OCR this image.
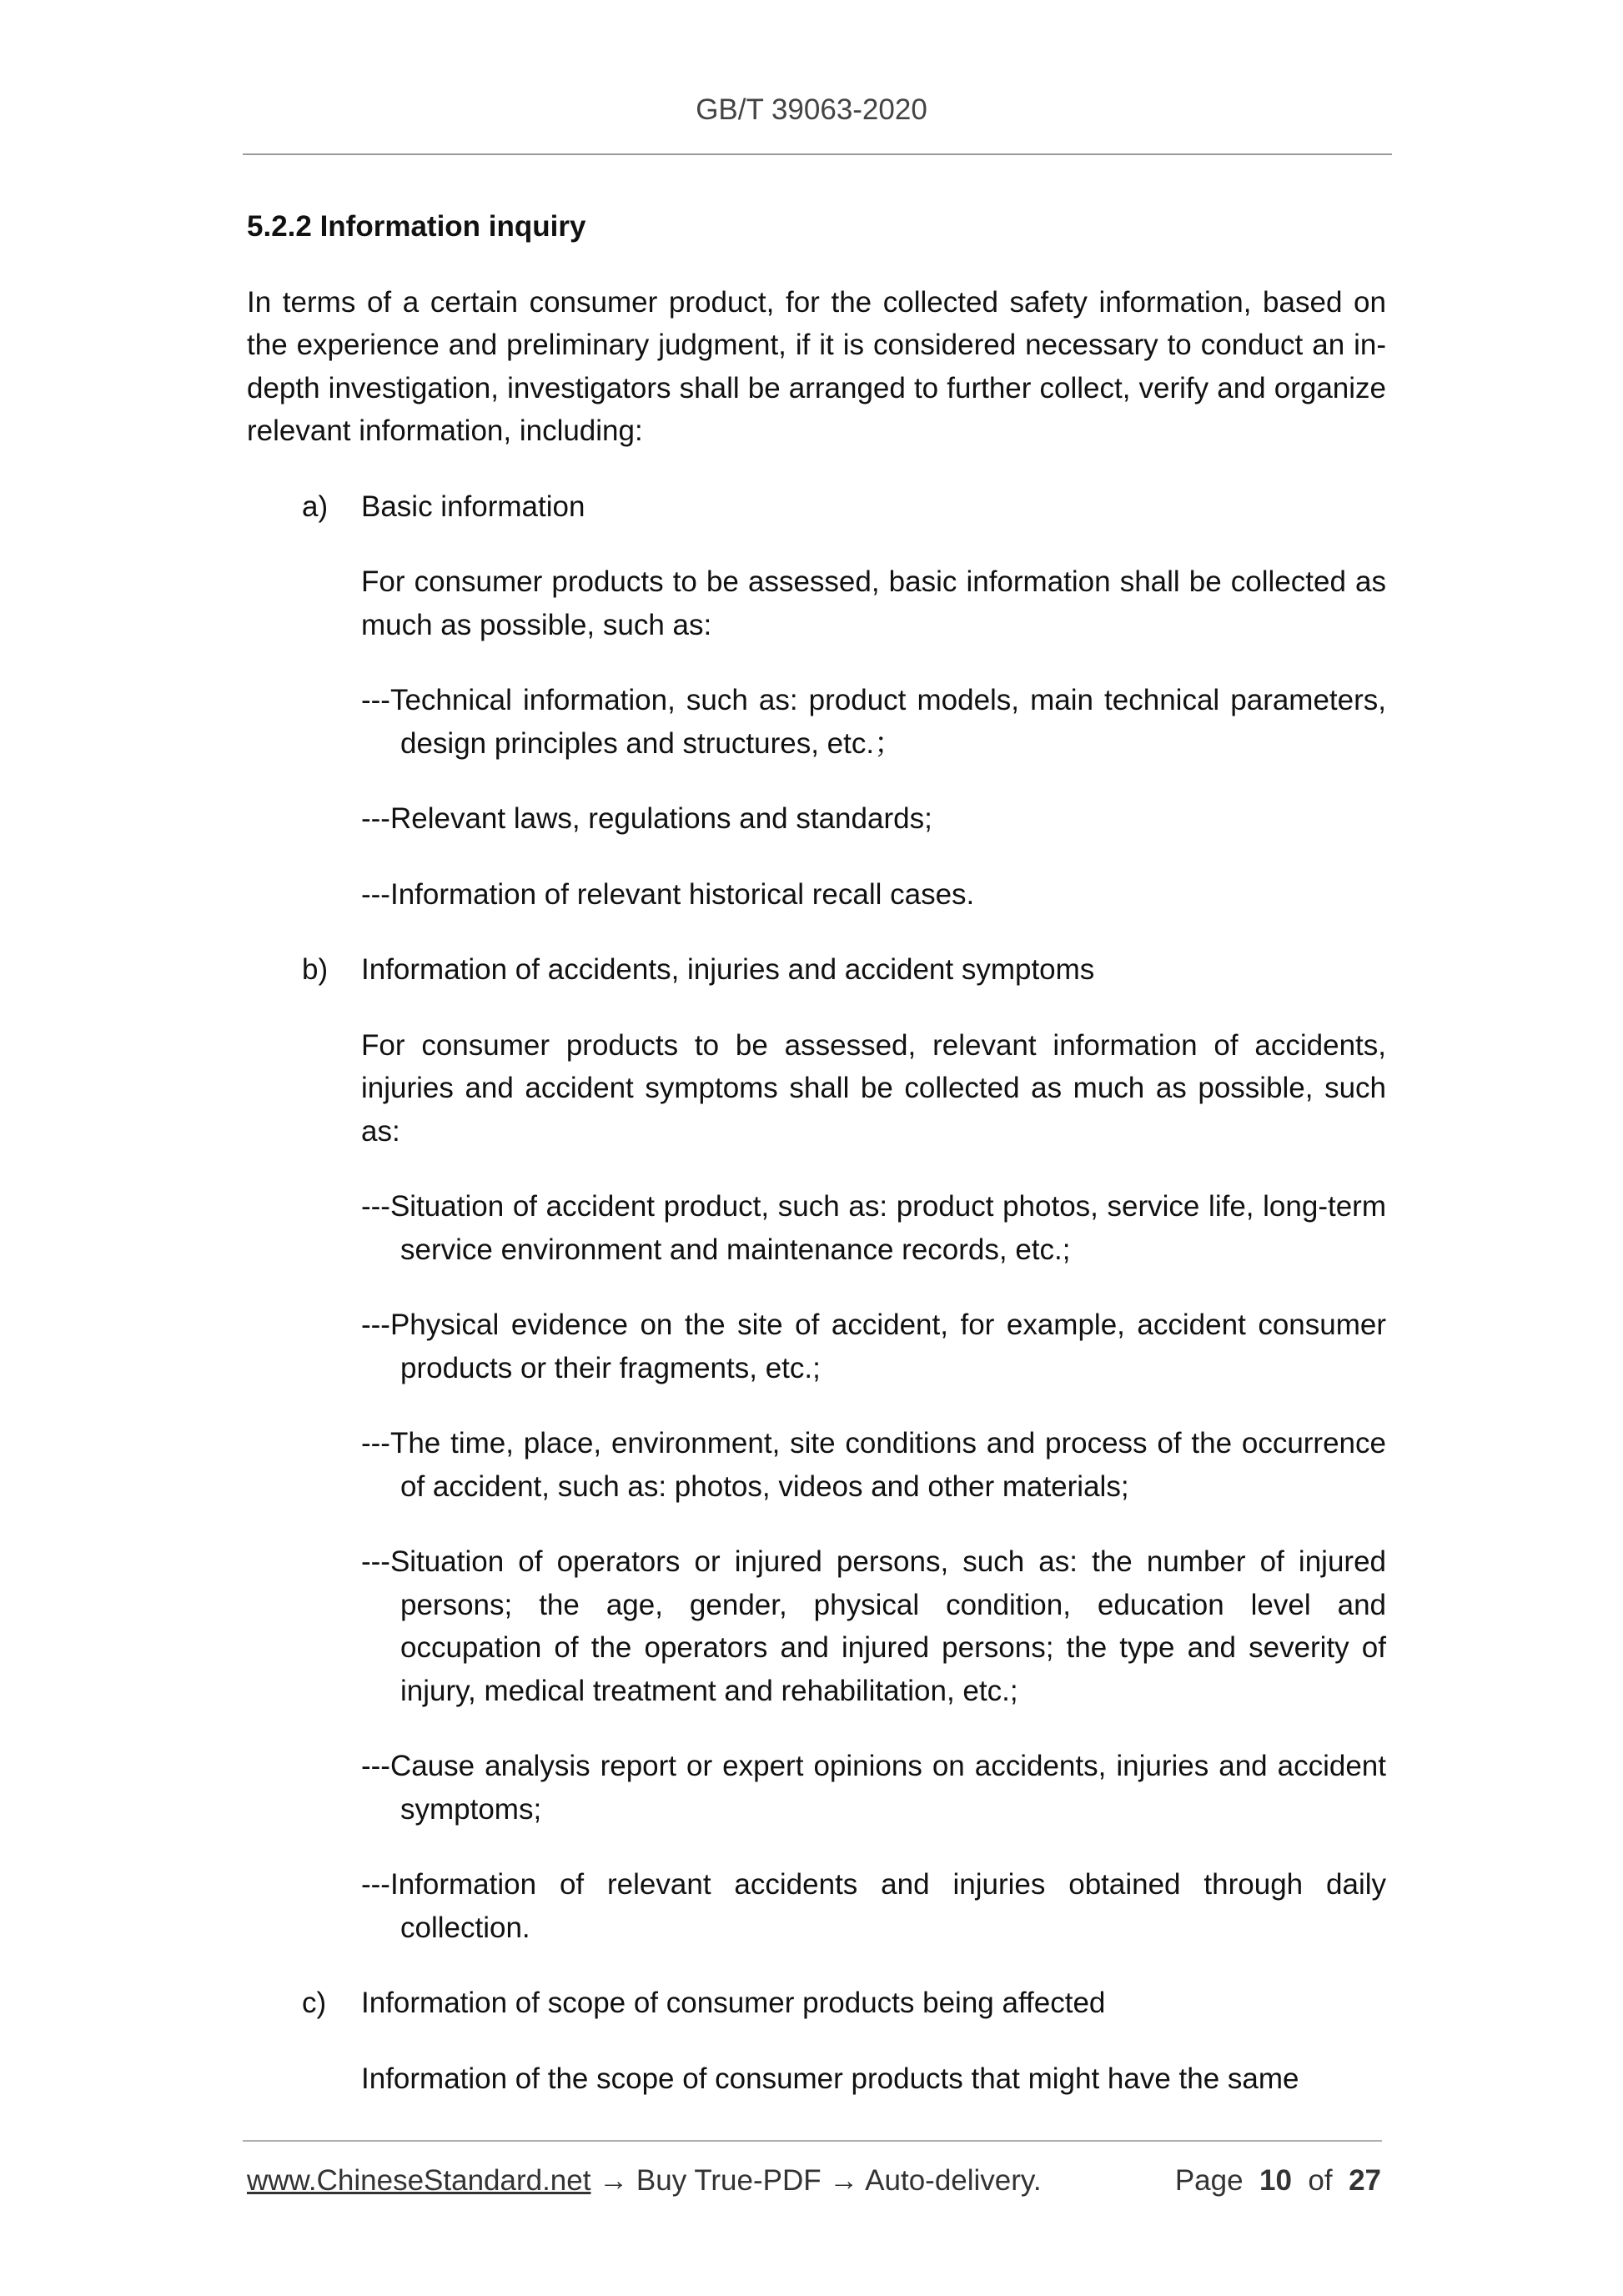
GB/T 39063-2020
5.2.2 Information inquiry
In terms of a certain consumer product, for the collected safety information, based on the experience and preliminary judgment, if it is considered necessary to conduct an in-depth investigation, investigators shall be arranged to further collect, verify and organize relevant information, including:
a) Basic information
For consumer products to be assessed, basic information shall be collected as much as possible, such as:
---Technical information, such as: product models, main technical parameters, design principles and structures, etc.；
---Relevant laws, regulations and standards;
---Information of relevant historical recall cases.
b) Information of accidents, injuries and accident symptoms
For consumer products to be assessed, relevant information of accidents, injuries and accident symptoms shall be collected as much as possible, such as:
---Situation of accident product, such as: product photos, service life, long-term service environment and maintenance records, etc.;
---Physical evidence on the site of accident, for example, accident consumer products or their fragments, etc.;
---The time, place, environment, site conditions and process of the occurrence of accident, such as: photos, videos and other materials;
---Situation of operators or injured persons, such as: the number of injured persons; the age, gender, physical condition, education level and occupation of the operators and injured persons; the type and severity of injury, medical treatment and rehabilitation, etc.;
---Cause analysis report or expert opinions on accidents, injuries and accident symptoms;
---Information of relevant accidents and injuries obtained through daily collection.
c) Information of scope of consumer products being affected
Information of the scope of consumer products that might have the same
www.ChineseStandard.net → Buy True-PDF → Auto-delivery.	Page 10 of 27
